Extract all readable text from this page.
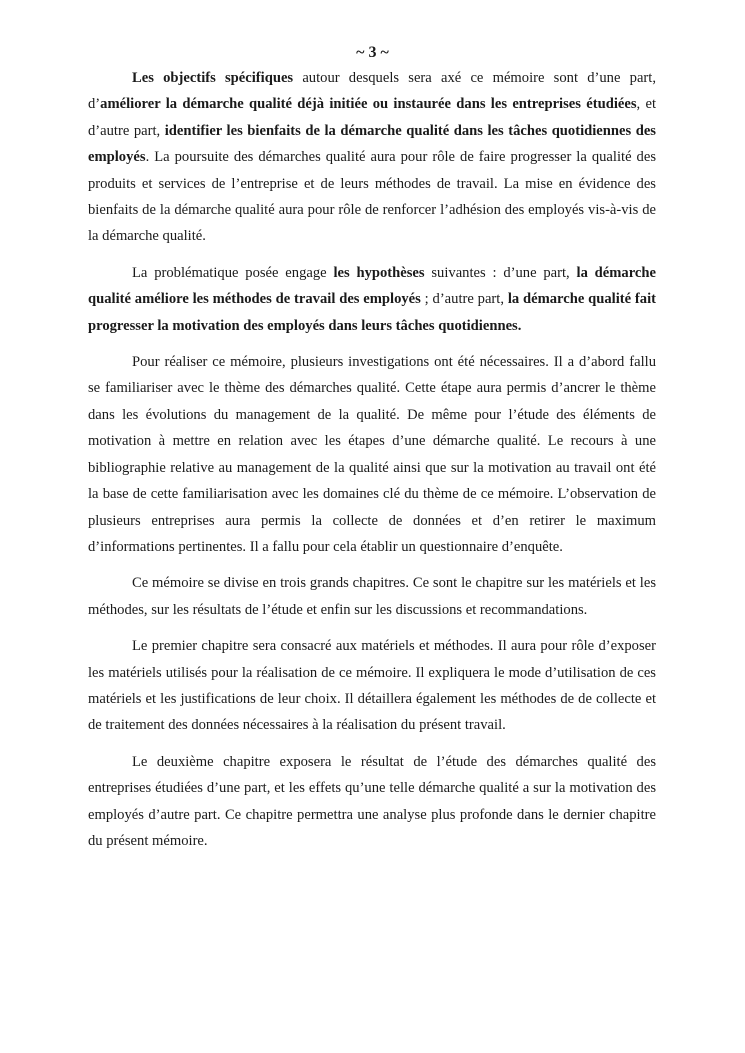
~ 3 ~

Les objectifs spécifiques autour desquels sera axé ce mémoire sont d’une part, d’améliorer la démarche qualité déjà initiée ou instaurée dans les entreprises étudiées, et d’autre part, identifier les bienfaits de la démarche qualité dans les tâches quotidiennes des employés. La poursuite des démarches qualité aura pour rôle de faire progresser la qualité des produits et services de l’entreprise et de leurs méthodes de travail. La mise en évidence des bienfaits de la démarche qualité aura pour rôle de renforcer l’adhésion des employés vis-à-vis de la démarche qualité.

La problématique posée engage les hypothèses suivantes : d’une part, la démarche qualité améliore les méthodes de travail des employés ; d’autre part, la démarche qualité fait progresser la motivation des employés dans leurs tâches quotidiennes.

Pour réaliser ce mémoire, plusieurs investigations ont été nécessaires. Il a d’abord fallu se familiariser avec le thème des démarches qualité. Cette étape aura permis d’ancrer le thème dans les évolutions du management de la qualité. De même pour l’étude des éléments de motivation à mettre en relation avec les étapes d’une démarche qualité. Le recours à une bibliographie relative au management de la qualité ainsi que sur la motivation au travail ont été la base de cette familiarisation avec les domaines clé du thème de ce mémoire. L’observation de plusieurs entreprises aura permis la collecte de données et d’en retirer le maximum d’informations pertinentes. Il a fallu pour cela établir un questionnaire d’enquête.

Ce mémoire se divise en trois grands chapitres. Ce sont le chapitre sur les matériels et les méthodes, sur les résultats de l’étude et enfin sur les discussions et recommandations.

Le premier chapitre sera consacré aux matériels et méthodes. Il aura pour rôle d’exposer les matériels utilisés pour la réalisation de ce mémoire. Il expliquera le mode d’utilisation de ces matériels et les justifications de leur choix. Il détaillera également les méthodes de de collecte et de traitement des données nécessaires à la réalisation du présent travail.

Le deuxième chapitre exposera le résultat de l’étude des démarches qualité des entreprises étudiées d’une part, et les effets qu’une telle démarche qualité a sur la motivation des employés d’autre part. Ce chapitre permettra une analyse plus profonde dans le dernier chapitre du présent mémoire.
